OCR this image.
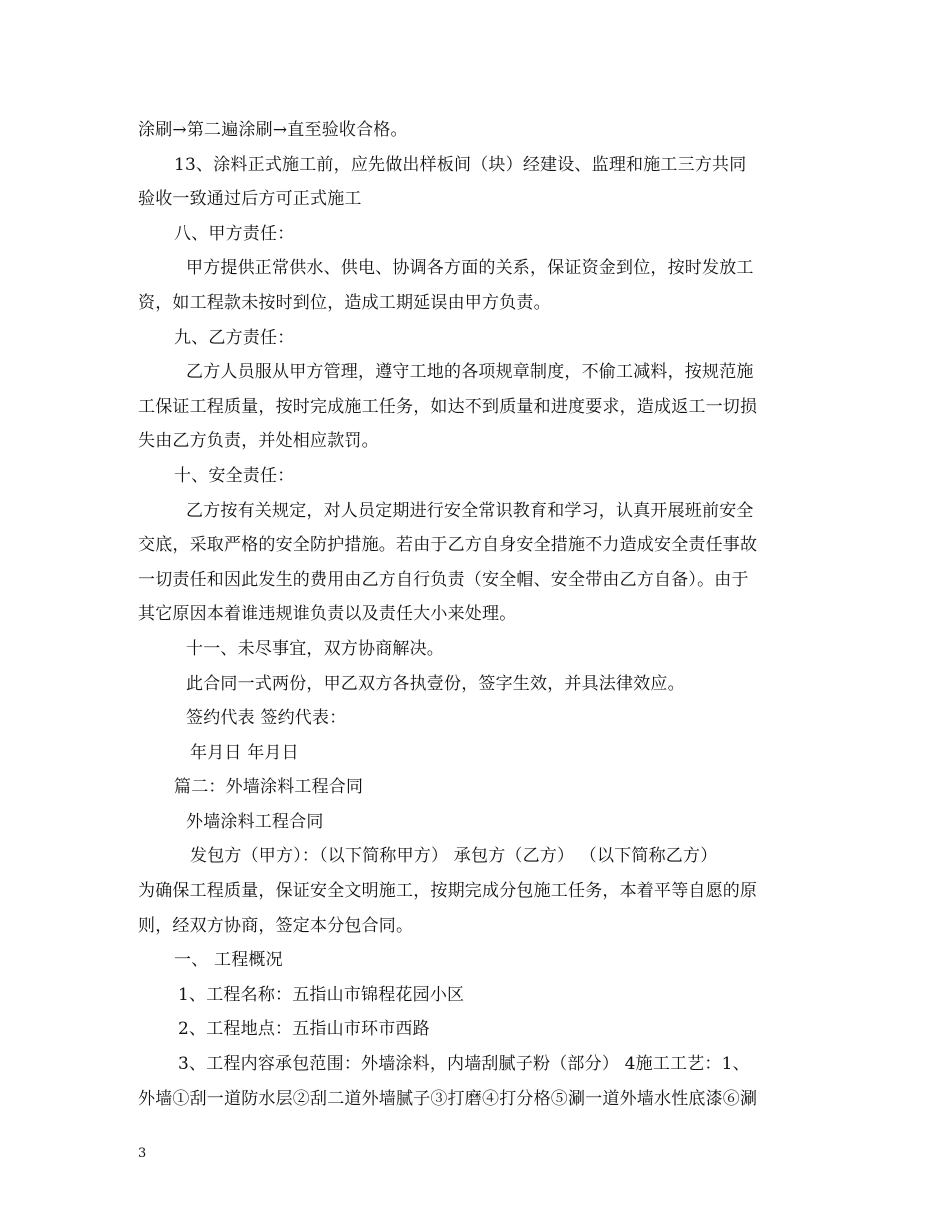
涂刷→第二遍涂刷→直至验收合格。
13、涂料正式施工前，应先做出样板间（块）经建设、监理和施工三方共同
验收一致通过后方可正式施工
八、甲方责任：
甲方提供正常供水、供电、协调各方面的关系，保证资金到位，按时发放工
资，如工程款未按时到位，造成工期延误由甲方负责。
九、乙方责任：
乙方人员服从甲方管理，遵守工地的各项规章制度，不偷工减料，按规范施
工保证工程质量，按时完成施工任务，如达不到质量和进度要求，造成返工一切损
失由乙方负责，并处相应款罚。
十、安全责任：
乙方按有关规定，对人员定期进行安全常识教育和学习，认真开展班前安全
交底，采取严格的安全防护措施。若由于乙方自身安全措施不力造成安全责任事故
一切责任和因此发生的费用由乙方自行负责（安全帽、安全带由乙方自备）。由于
其它原因本着谁违规谁负责以及责任大小来处理。
十一、未尽事宜，双方协商解决。
此合同一式两份，甲乙双方各执壹份，签字生效，并具法律效应。
签约代表 签约代表：
年月日 年月日
篇二：外墙涂料工程合同
外墙涂料工程合同
发包方（甲方）：（以下简称甲方） 承包方（乙方） （以下简称乙方）
为确保工程质量，保证安全文明施工，按期完成分包施工任务，本着平等自愿的原
则，经双方协商，签定本分包合同。
一、 工程概况
1、工程名称：五指山市锦程花园小区
2、工程地点：五指山市环市西路
3、工程内容承包范围：外墙涂料，内墙刮腻子粉（部分） 4施工工艺：1、
外墙①刮一道防水层②刮二道外墙腻子③打磨④打分格⑤涮一道外墙水性底漆⑥涮
3
